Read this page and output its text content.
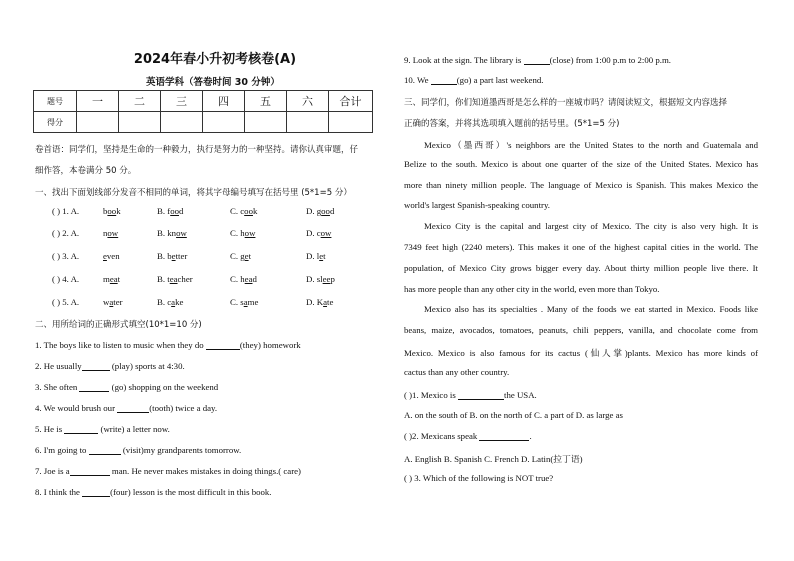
2024年春小升初考核卷(A)
英语学科（答卷时间 30 分钟）
题号	一	二	三	四	五	六	合计
得分							
卷首语：同学们，坚持是生命的一种毅力，执行是努力的一种坚持。请你认真审题，仔
细作答，本卷满分 50 分。
一、找出下面划线部分发音不相同的单词，将其字母编号填写在括号里 (5*1=5 分）
( ) 1. A.	book	B. food	C. cook	D. good
( ) 2. A.	now	B. know	C. how	D. cow
( ) 3. A.	even	B. better	C. get	D. let
( ) 4. A.	meat	B. teacher	C. head	D. sleep
( ) 5. A.	water	B. cake	C. same	D. Kate
二、用所给词的正确形式填空(10*1=10 分)
1. The boys like to listen to music when they do	(they) homework
2. He usually	(play) sports at 4:30.
3. She often	(go) shopping on the weekend
4. We would brush our	(tooth) twice a day.
5. He is	(write) a letter now.
6. I'm going to	(visit)my grandparents tomorrow.
7. Joe is a	man. He never makes mistakes in doing things.( care)
8. I think the	(four) lesson is the most difficult in this book.
9. Look at the sign. The library is	(close) from 1:00 p.m to 2:00 p.m.
10. We	(go) a part last weekend.
三、同学们，你们知道墨西哥是怎么样的一座城市吗？请阅读短文，根据短文内容选择
正确的答案，并将其选项填入题前的括号里。(5*1=5 分)
Mexico（墨西哥）'s neighbors are the United States to the north and Guatemala and
Belize to the south. Mexico is about one quarter of the size of the United States. Mexico has
more than ninety million people. The language of Mexico is Spanish. This makes Mexico the
world's largest Spanish-speaking country.
Mexico City is the capital and largest city of Mexico. The city is also very high. It is
7349 feet high (2240 meters). This makes it one of the highest capital cities in the world. The
population, of Mexico City grows bigger every day. About thirty million people live there. It
has more people than any other city in the world, even more than Tokyo.
Mexico also has its specialties . Many of the foods we eat started in Mexico. Foods like
beans, maize, avocados, tomatoes, peanuts, chili peppers, vanilla, and chocolate come from
Mexico. Mexico is also famous for its cactus (仙人掌)plants. Mexico has more kinds of
cactus than any other country.
( )1. Mexico is	the USA.
A. on the south of B. on the north of C. a part of D. as large as
( )2. Mexicans speak	.
A. English B. Spanish C. French D. Latin(拉丁语)
( ) 3. Which of the following is NOT true?
